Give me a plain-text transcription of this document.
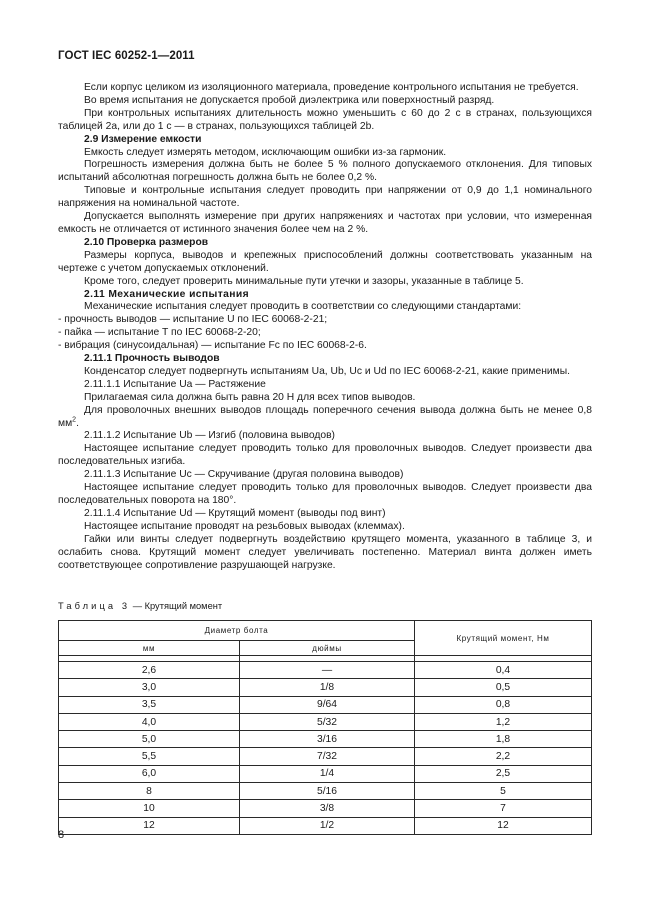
ГОСТ IEC 60252-1—2011

Если корпус целиком из изоляционного материала, проведение контрольного испытания не требуется.

Во время испытания не допускается пробой диэлектрика или поверхностный разряд.

При контрольных испытаниях длительность можно уменьшить с 60 до 2 с в странах, пользующихся таблицей 2a, или до 1 с — в странах, пользующихся таблицей 2b.

2.9 Измерение емкости

Емкость следует измерять методом, исключающим ошибки из-за гармоник.

Погрешность измерения должна быть не более 5 % полного допускаемого отклонения. Для типовых испытаний абсолютная погрешность должна быть не более 0,2 %.

Типовые и контрольные испытания следует проводить при напряжении от 0,9 до 1,1 номинального напряжения на номинальной частоте.

Допускается выполнять измерение при других напряжениях и частотах при условии, что измеренная емкость не отличается от истинного значения более чем на 2 %.

2.10 Проверка размеров

Размеры корпуса, выводов и крепежных приспособлений должны соответствовать указанным на чертеже с учетом допускаемых отклонений.

Кроме того, следует проверить минимальные пути утечки и зазоры, указанные в таблице 5.

2.11 Механические испытания

Механические испытания следует проводить в соответствии со следующими стандартами:

- прочность выводов — испытание U по IEC 60068-2-21;

- пайка — испытание T по IEC 60068-2-20;

- вибрация (синусоидальная) — испытание Fc по IEC 60068-2-6.

2.11.1 Прочность выводов

Конденсатор следует подвергнуть испытаниям Ua, Ub, Uc и Ud по IEC 60068-2-21, какие применимы.

2.11.1.1 Испытание Ua — Растяжение

Прилагаемая сила должна быть равна 20 Н для всех типов выводов.

Для проволочных внешних выводов площадь поперечного сечения вывода должна быть не менее 0,8 $мм^2$.

2.11.1.2 Испытание Ub — Изгиб (половина выводов)

Настоящее испытание следует проводить только для проволочных выводов. Следует произвести два последовательных изгиба.

2.11.1.3 Испытание Uc — Скручивание (другая половина выводов)

Настоящее испытание следует проводить только для проволочных выводов. Следует произвести два последовательных поворота на 180°.

2.11.1.4 Испытание Ud — Крутящий момент (выводы под винт)

Настоящее испытание проводят на резьбовых выводах (клеммах).

Гайки или винты следует подвергнуть воздействию крутящего момента, указанного в таблице 3, и ослабить снова. Крутящий момент следует увеличивать постепенно. Материал винта должен иметь соответствующее сопротивление разрушающей нагрузке.

Таблица 3 — Крутящий момент
Диаметр болта		Крутящий момент, Нм
мм	дюймы	

2,6	—	0,4
3,0	1/8	0,5
3,5	9/64	0,8
4,0	5/32	1,2
5,0	3/16	1,8
5,5	7/32	2,2
6,0	1/4	2,5
8	5/16	5
10	3/8	7
12	1/2	12
8
